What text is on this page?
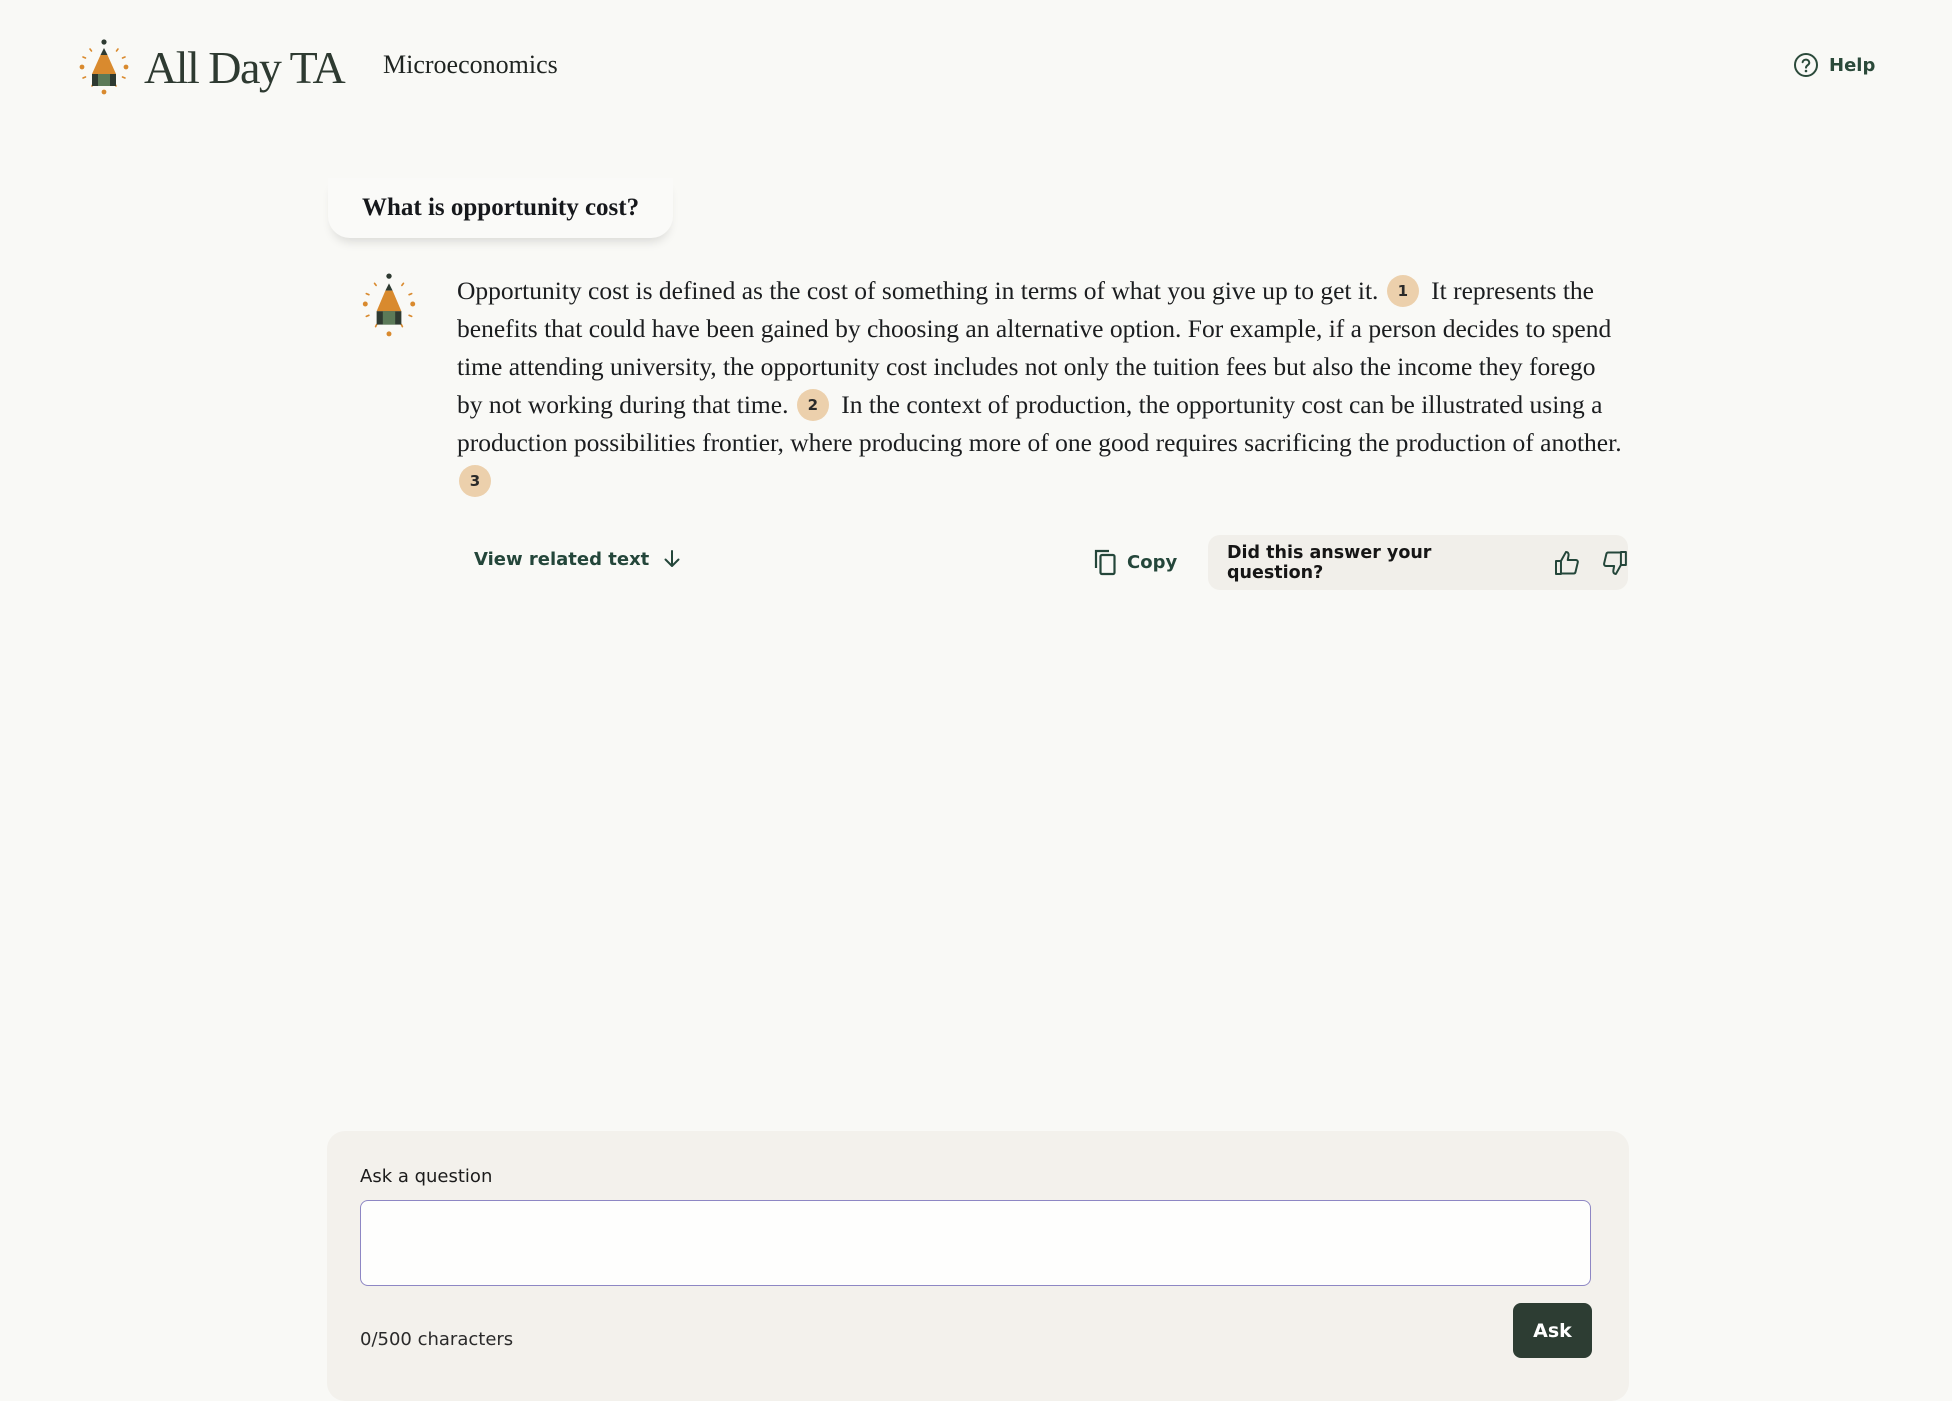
All Day TA Microeconomics	Help
What is opportunity cost?
Opportunity cost is defined as the cost of something in terms of what you give up to get it. 1 It represents the benefits that could have been gained by choosing an alternative option. For example, if a person decides to spend time attending university, the opportunity cost includes not only the tuition fees but also the income they forego by not working during that time. 2 In the context of production, the opportunity cost can be illustrated using a production possibilities frontier, where producing more of one good requires sacrificing the production of another. 3
View related text	Copy	Did this answer your question?
Ask a question
0/500 characters	Ask
